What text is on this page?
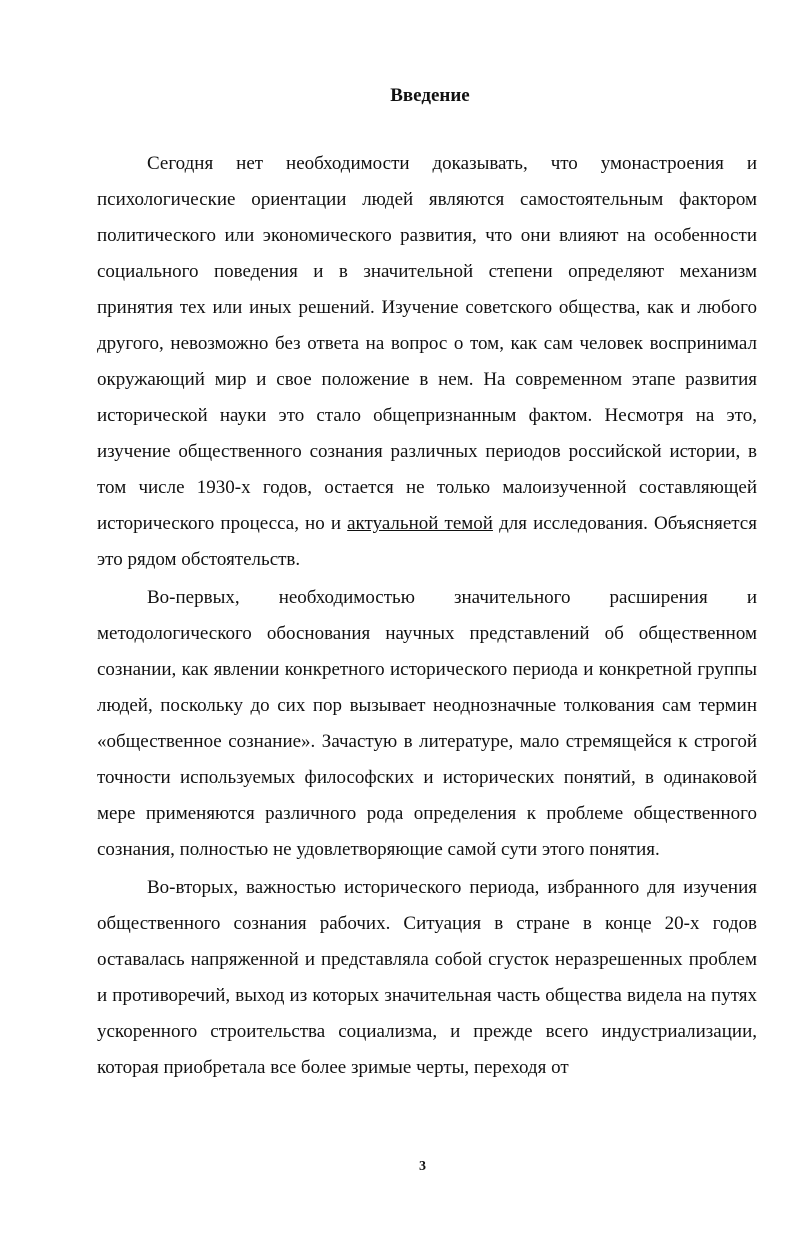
Введение

Сегодня нет необходимости доказывать, что умонастроения и психологические ориентации людей являются самостоятельным фактором политического или экономического развития, что они влияют на особенности социального поведения и в значительной степени определяют механизм принятия тех или иных решений. Изучение советского общества, как и любого другого, невозможно без ответа на вопрос о том, как сам человек воспринимал окружающий мир и свое положение в нем. На современном этапе развития исторической науки это стало общепризнанным фактом. Несмотря на это, изучение общественного сознания различных периодов российской истории, в том числе 1930-х годов, остается не только малоизученной составляющей исторического процесса, но и актуальной темой для исследования. Объясняется это рядом обстоятельств.

Во-первых, необходимостью значительного расширения и методологического обоснования научных представлений об общественном сознании, как явлении конкретного исторического периода и конкретной группы людей, поскольку до сих пор вызывает неоднозначные толкования сам термин «общественное сознание». Зачастую в литературе, мало стремящейся к строгой точности используемых философских и исторических понятий, в одинаковой мере применяются различного рода определения к проблеме общественного сознания, полностью не удовлетворяющие самой сути этого понятия.

Во-вторых, важностью исторического периода, избранного для изучения общественного сознания рабочих. Ситуация в стране в конце 20-х годов оставалась напряженной и представляла собой сгусток неразрешенных проблем и противоречий, выход из которых значительная часть общества видела на путях ускоренного строительства социализма, и прежде всего индустриализации, которая приобретала все более зримые черты, переходя от

3
